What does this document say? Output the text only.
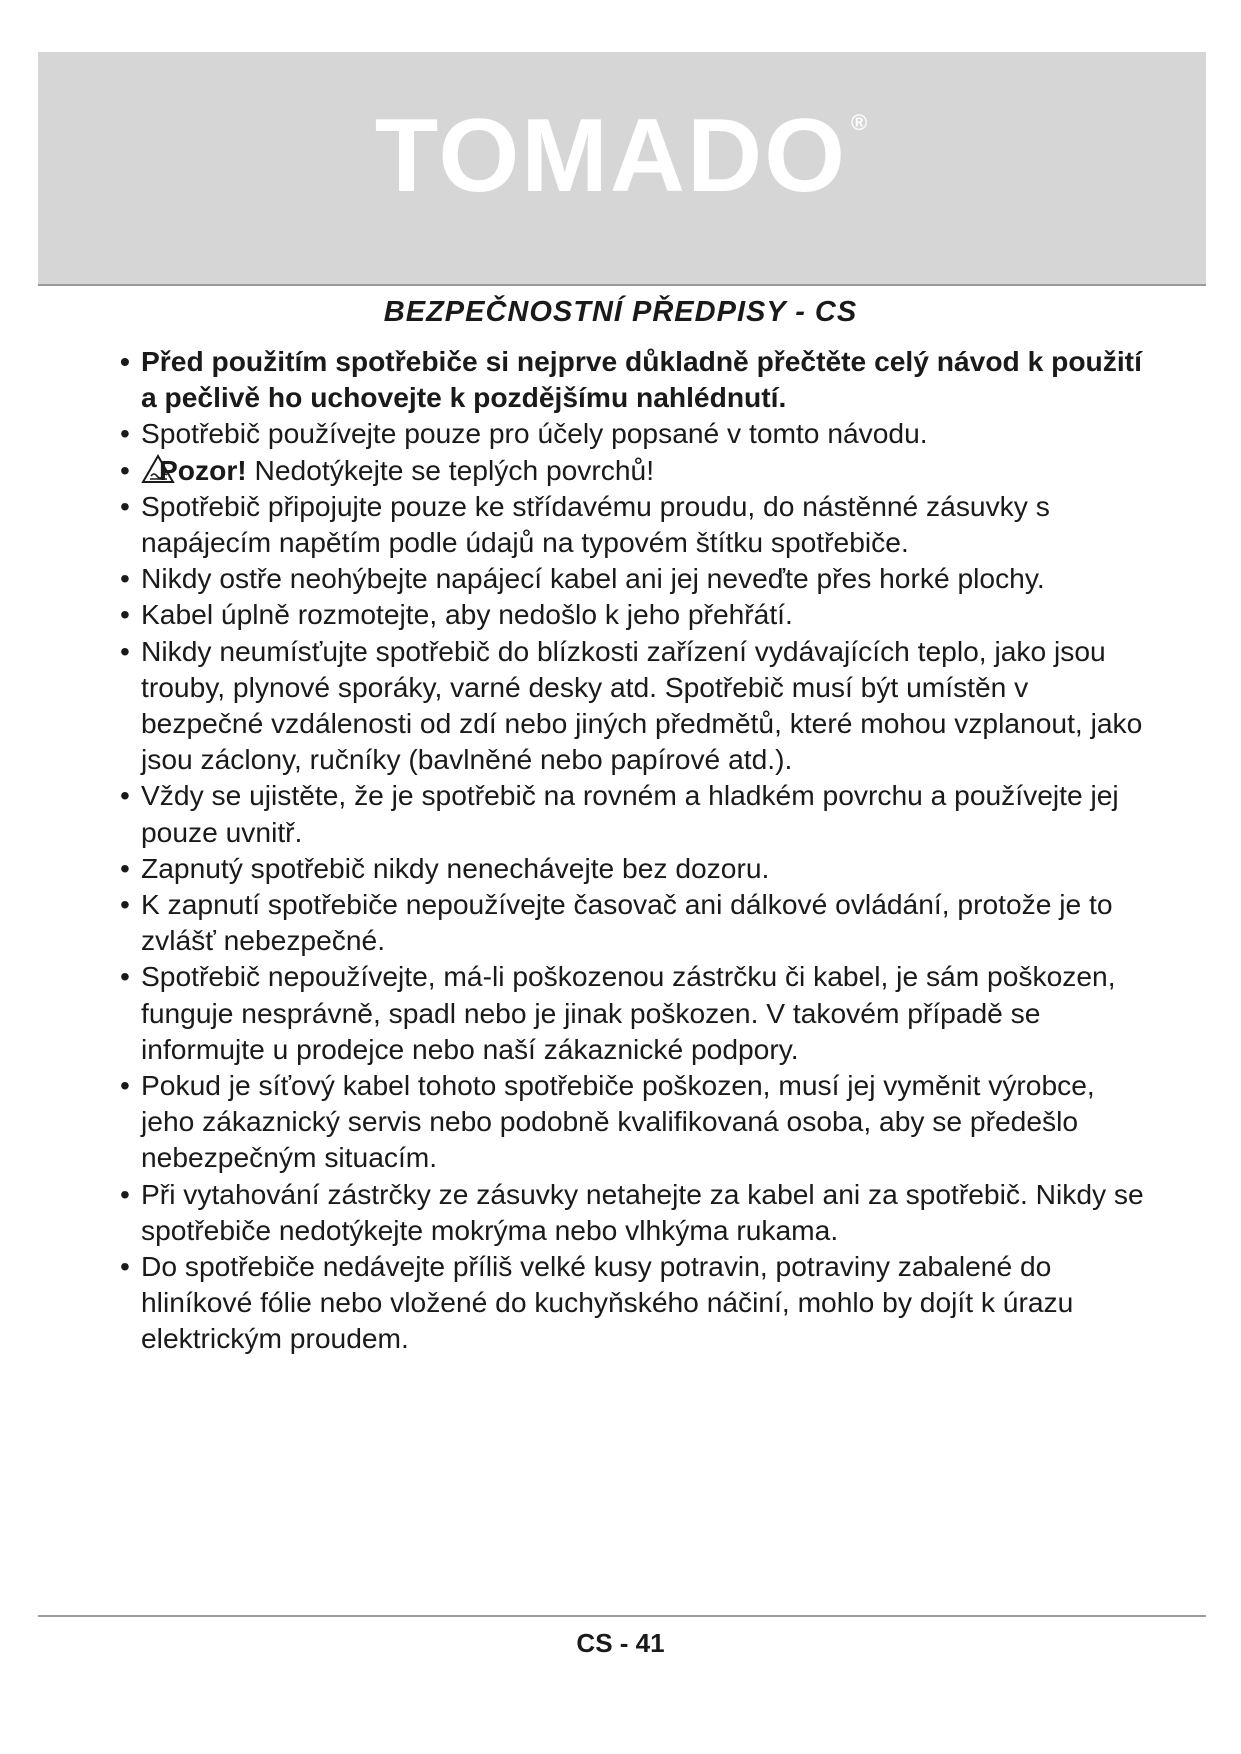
TOMADO ®
BEZPEČNOSTNÍ PŘEDPISY - CS
• Před použitím spotřebiče si nejprve důkladně přečtěte celý návod k použití a pečlivě ho uchovejte k pozdějšímu nahlédnutí.
• Spotřebič používejte pouze pro účely popsané v tomto návodu.
• Pozor! Nedotýkejte se teplých povrchů!
• Spotřebič připojujte pouze ke střídavému proudu, do nástěnné zásuvky s napájecím napětím podle údajů na typovém štítku spotřebiče.
• Nikdy ostře neohýbejte napájecí kabel ani jej neveďte přes horké plochy.
• Kabel úplně rozmotejte, aby nedošlo k jeho přehřátí.
• Nikdy neumísťujte spotřebič do blízkosti zařízení vydávajících teplo, jako jsou trouby, plynové sporáky, varné desky atd. Spotřebič musí být umístěn v bezpečné vzdálenosti od zdí nebo jiných předmětů, které mohou vzplanout, jako jsou záclony, ručníky (bavlněné nebo papírové atd.).
• Vždy se ujistěte, že je spotřebič na rovném a hladkém povrchu a používejte jej pouze uvnitř.
• Zapnutý spotřebič nikdy nenechávejte bez dozoru.
• K zapnutí spotřebiče nepoužívejte časovač ani dálkové ovládání, protože je to zvlášť nebezpečné.
• Spotřebič nepoužívejte, má-li poškozenou zástrčku či kabel, je sám poškozen, funguje nesprávně, spadl nebo je jinak poškozen. V takovém případě se informujte u prodejce nebo naší zákaznické podpory.
• Pokud je síťový kabel tohoto spotřebiče poškozen, musí jej vyměnit výrobce, jeho zákaznický servis nebo podobně kvalifikovaná osoba, aby se předešlo nebezpečným situacím.
• Při vytahování zástrčky ze zásuvky netahejte za kabel ani za spotřebič. Nikdy se spotřebiče nedotýkejte mokrýma nebo vlhkýma rukama.
• Do spotřebiče nedávejte příliš velké kusy potravin, potraviny zabalené do hliníkové fólie nebo vložené do kuchyňského náčiní, mohlo by dojít k úrazu elektrickým proudem.
CS - 41
